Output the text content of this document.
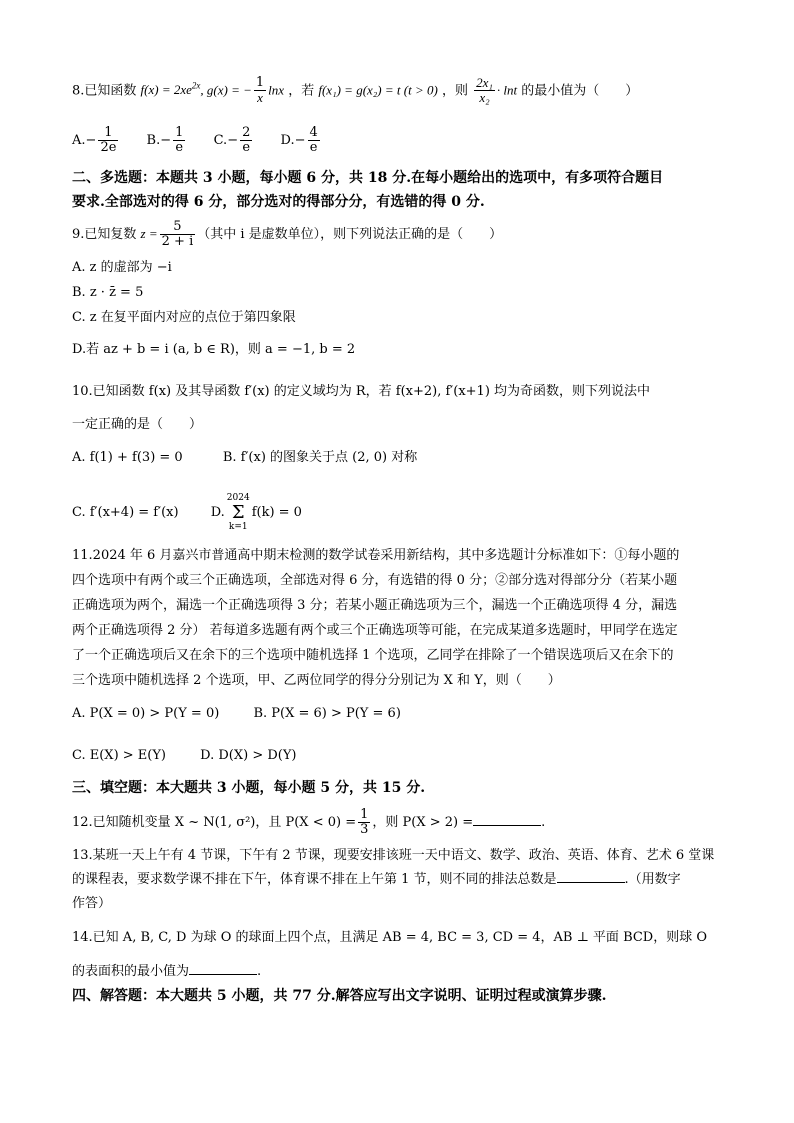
8.已知函数 $f(x) = 2xe^{2x}$, g(x) = − $\frac{1}{x}$ lnx ，若 f(x₁) = g(x₂) = t (t > 0) ，则 $\frac{\text{2x₁}}{\text{x₂}} \cdot \ln t$ 的最小值为（　　）
$A.- \frac{1}{2e} B.- \frac{1}{e} C.- \frac{2}{e} D.- \frac{4}{e}$
二、多选题：本题共 3 小题，每小题 6 分，共 18 分.在每小题给出的选项中，有多项符合题目
要求.全部选对的得 6 分，部分选对的得部分分，有选错的得 0 分.
9.已知复数 $z = \frac{5}{2 + i}$ （其中 i 是虚数单位），则下列说法正确的是（　　）
A. z 的虚部为 −i
B. z · z̄ = 5
C. z 在复平面内对应的点位于第四象限
D.若 az + b = i (a, b ∈ R)，则 a = −1, b = 2
10.已知函数 f(x) 及其导函数 f′(x) 的定义域均为 R，若 f(x+2), f′(x+1) 均为奇函数，则下列说法中
一定正确的是（　　）
A. f(1) + f(3) = 0	B. f′(x) 的图象关于点 (2, 0) 对称
C. f′(x+4) = f′(x) D.
2024
Σ
k=1
f(k) = 0
11.2024 年 6 月嘉兴市普通高中期末检测的数学试卷采用新结构，其中多选题计分标准如下：①每小题的
四个选项中有两个或三个正确选项，全部选对得 6 分，有选错的得 0 分；②部分选对得部分分（若某小题
正确选项为两个，漏选一个正确选项得 3 分；若某小题正确选项为三个，漏选一个正确选项得 4 分，漏选
两个正确选项得 2 分） 若每道多选题有两个或三个正确选项等可能，在完成某道多选题时，甲同学在选定
了一个正确选项后又在余下的三个选项中随机选择 1 个选项，乙同学在排除了一个错误选项后又在余下的
三个选项中随机选择 2 个选项，甲、乙两位同学的得分分别记为 X 和 Y，则（　　）
A. P(X = 0) > P(Y = 0)	B. P(X = 6) > P(Y = 6)
C. E(X) > E(Y)	D. D(X) > D(Y)
三、填空题：本大题共 3 小题，每小题 5 分，共 15 分.
12.已知随机变量 X ~ N(1, σ²)，且 $P(X < 0) = \frac{1}{3}$ ，则 P(X > 2) =	.
13.某班一天上午有 4 节课，下午有 2 节课，现要安排该班一天中语文、数学、政治、英语、体育、艺术 6 堂课
的课程表，要求数学课不排在下午，体育课不排在上午第 1 节，则不同的排法总数是	.（用数字
作答）
14.已知 A, B, C, D 为球 O 的球面上四个点，且满足 AB = 4, BC = 3, CD = 4，AB ⊥ 平面 BCD，则球 O
的表面积的最小值为	.
四、解答题：本大题共 5 小题，共 77 分.解答应写出文字说明、证明过程或演算步骤.
